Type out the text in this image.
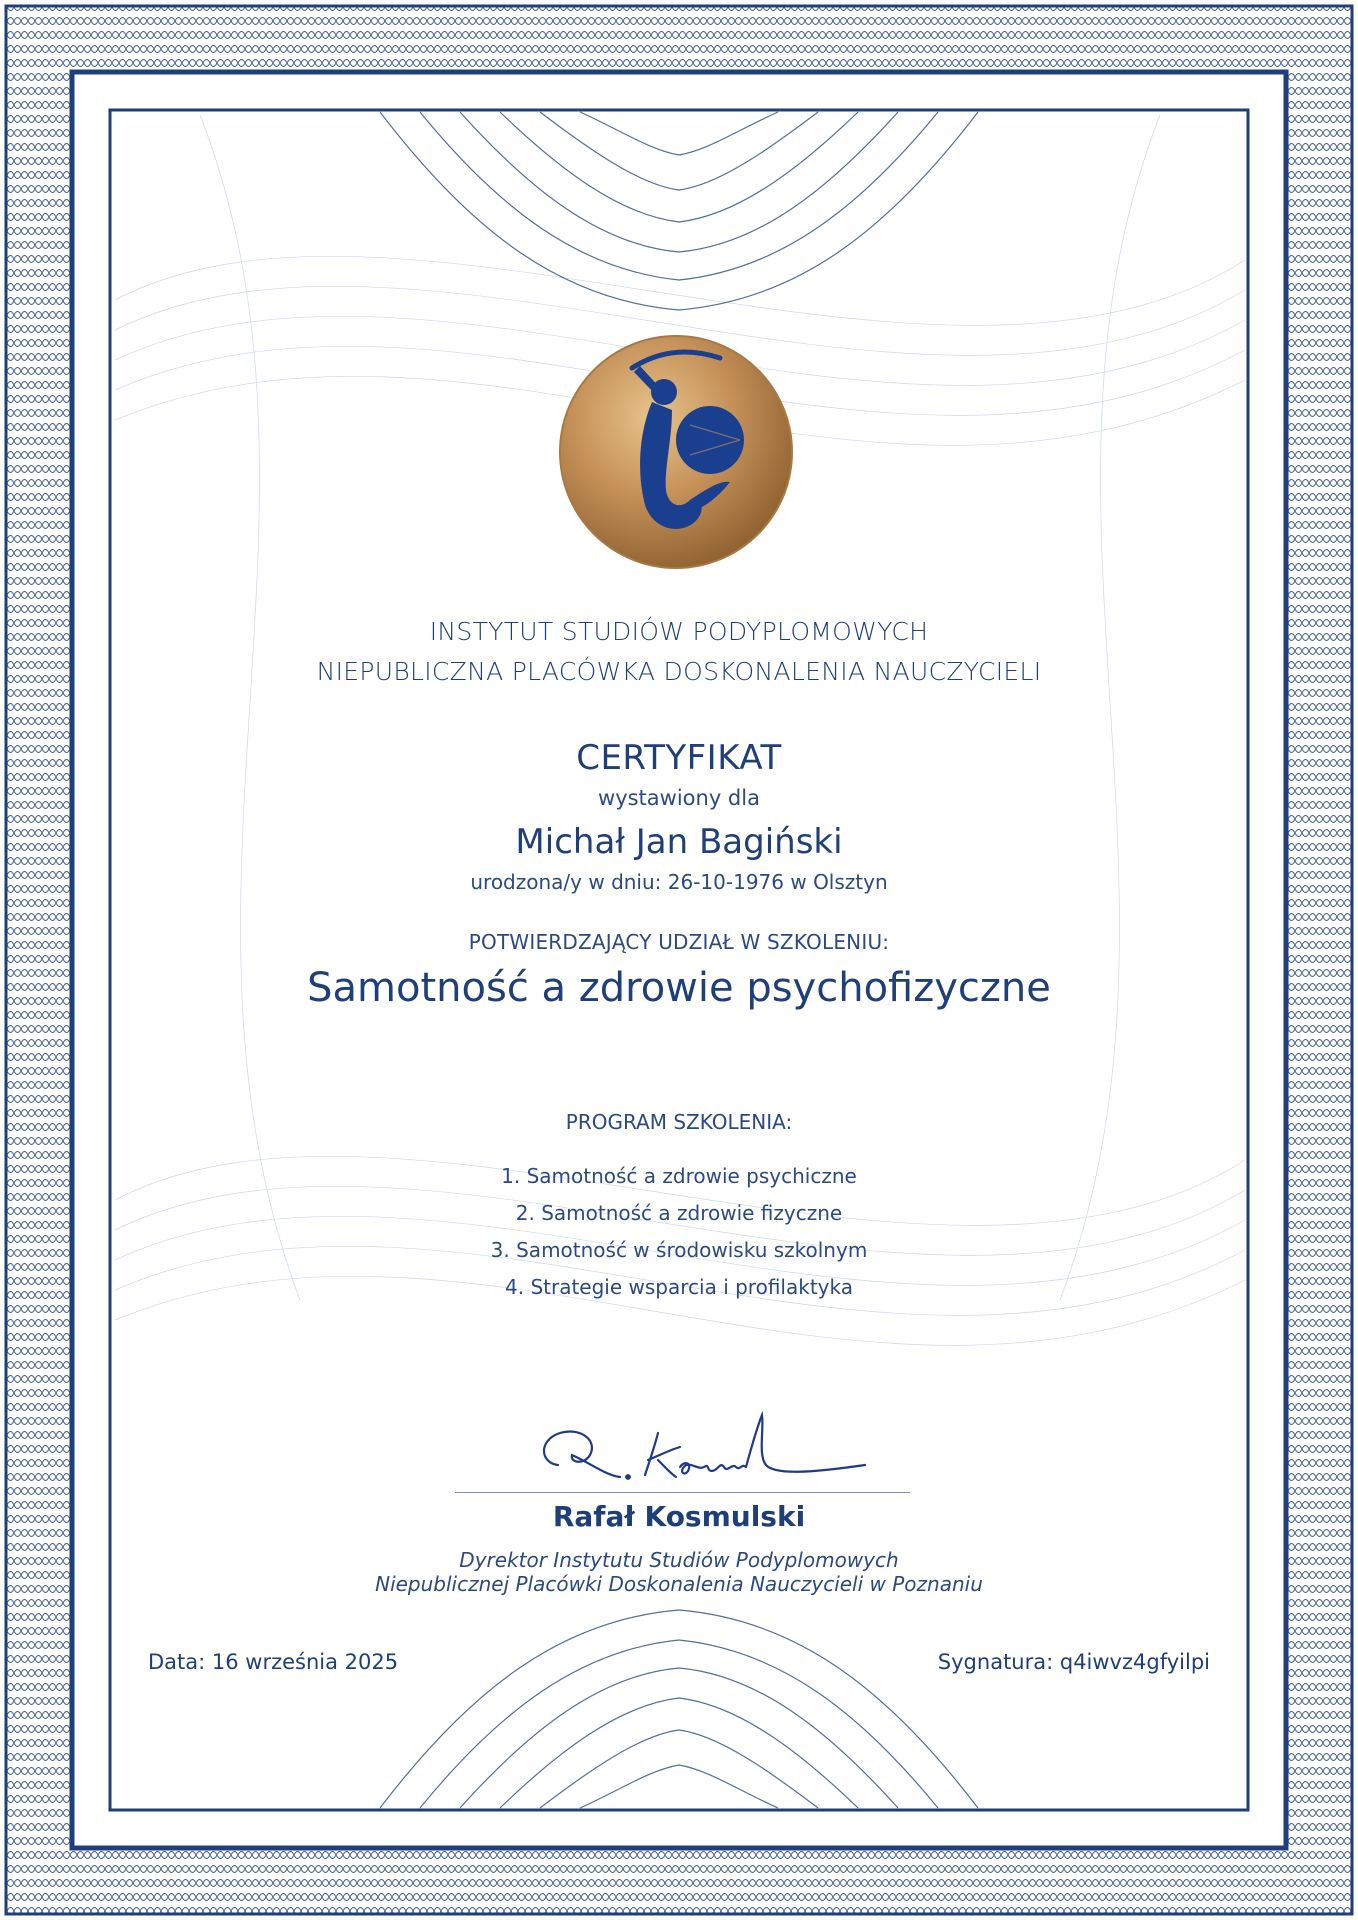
INSTYTUT STUDIÓW PODYPLOMOWYCH
NIEPUBLICZNA PLACÓWKA DOSKONALENIA NAUCZYCIELI
CERTYFIKAT
wystawiony dla
Michał Jan Bagiński
urodzona/y w dniu: 26-10-1976 w Olsztyn
POTWIERDZAJĄCY UDZIAŁ W SZKOLENIU:
Samotność a zdrowie psychofizyczne
PROGRAM SZKOLENIA:
1. Samotność a zdrowie psychiczne
2. Samotność a zdrowie fizyczne
3. Samotność w środowisku szkolnym
4. Strategie wsparcia i profilaktyka
Rafał Kosmulski
Dyrektor Instytutu Studiów Podyplomowych
Niepublicznej Placówki Doskonalenia Nauczycieli w Poznaniu
Data: 16 września 2025	Sygnatura: q4iwvz4gfyilpi
